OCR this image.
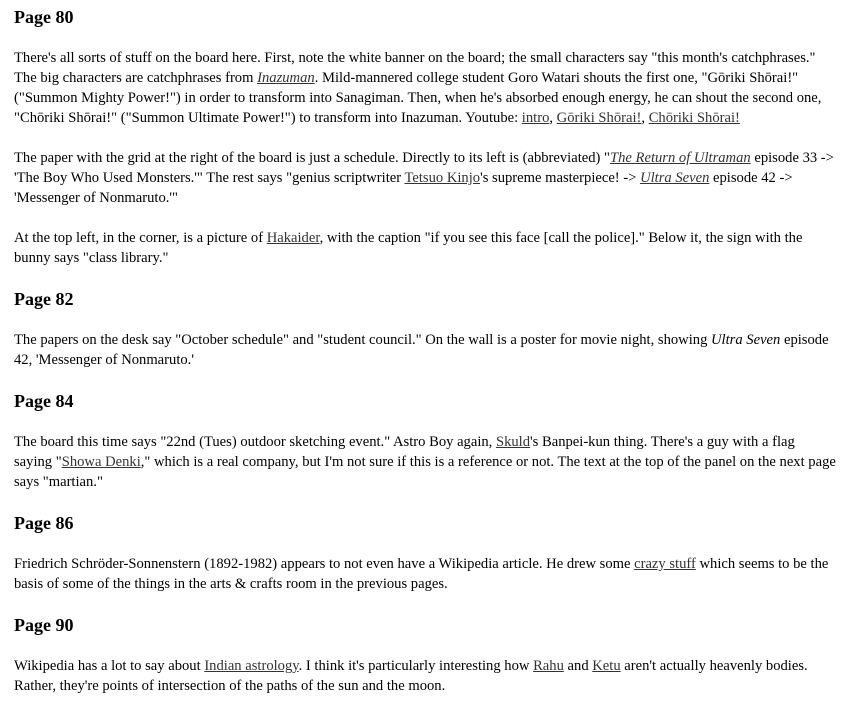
Page 80

There's all sorts of stuff on the board here. First, note the white banner on the board; the small characters say "this month's catchphrases." The big characters are catchphrases from Inazuman. Mild-mannered college student Goro Watari shouts the first one, "Gōriki Shōrai!" ("Summon Mighty Power!") in order to transform into Sanagiman. Then, when he's absorbed enough energy, he can shout the second one, "Chōriki Shōrai!" ("Summon Ultimate Power!") to transform into Inazuman. Youtube: intro, Gōriki Shōrai!, Chōriki Shōrai!

The paper with the grid at the right of the board is just a schedule. Directly to its left is (abbreviated) "The Return of Ultraman episode 33 -> 'The Boy Who Used Monsters.'" The rest says "genius scriptwriter Tetsuo Kinjo's supreme masterpiece! -> Ultra Seven episode 42 -> 'Messenger of Nonmaruto.'"

At the top left, in the corner, is a picture of Hakaider, with the caption "if you see this face [call the police]." Below it, the sign with the bunny says "class library."

Page 82

The papers on the desk say "October schedule" and "student council." On the wall is a poster for movie night, showing Ultra Seven episode 42, 'Messenger of Nonmaruto.'

Page 84

The board this time says "22nd (Tues) outdoor sketching event." Astro Boy again, Skuld's Banpei-kun thing. There's a guy with a flag saying "Showa Denki," which is a real company, but I'm not sure if this is a reference or not. The text at the top of the panel on the next page says "martian."

Page 86

Friedrich Schröder-Sonnenstern (1892-1982) appears to not even have a Wikipedia article. He drew some crazy stuff which seems to be the basis of some of the things in the arts & crafts room in the previous pages.

Page 90

Wikipedia has a lot to say about Indian astrology. I think it's particularly interesting how Rahu and Ketu aren't actually heavenly bodies. Rather, they're points of intersection of the paths of the sun and the moon.
